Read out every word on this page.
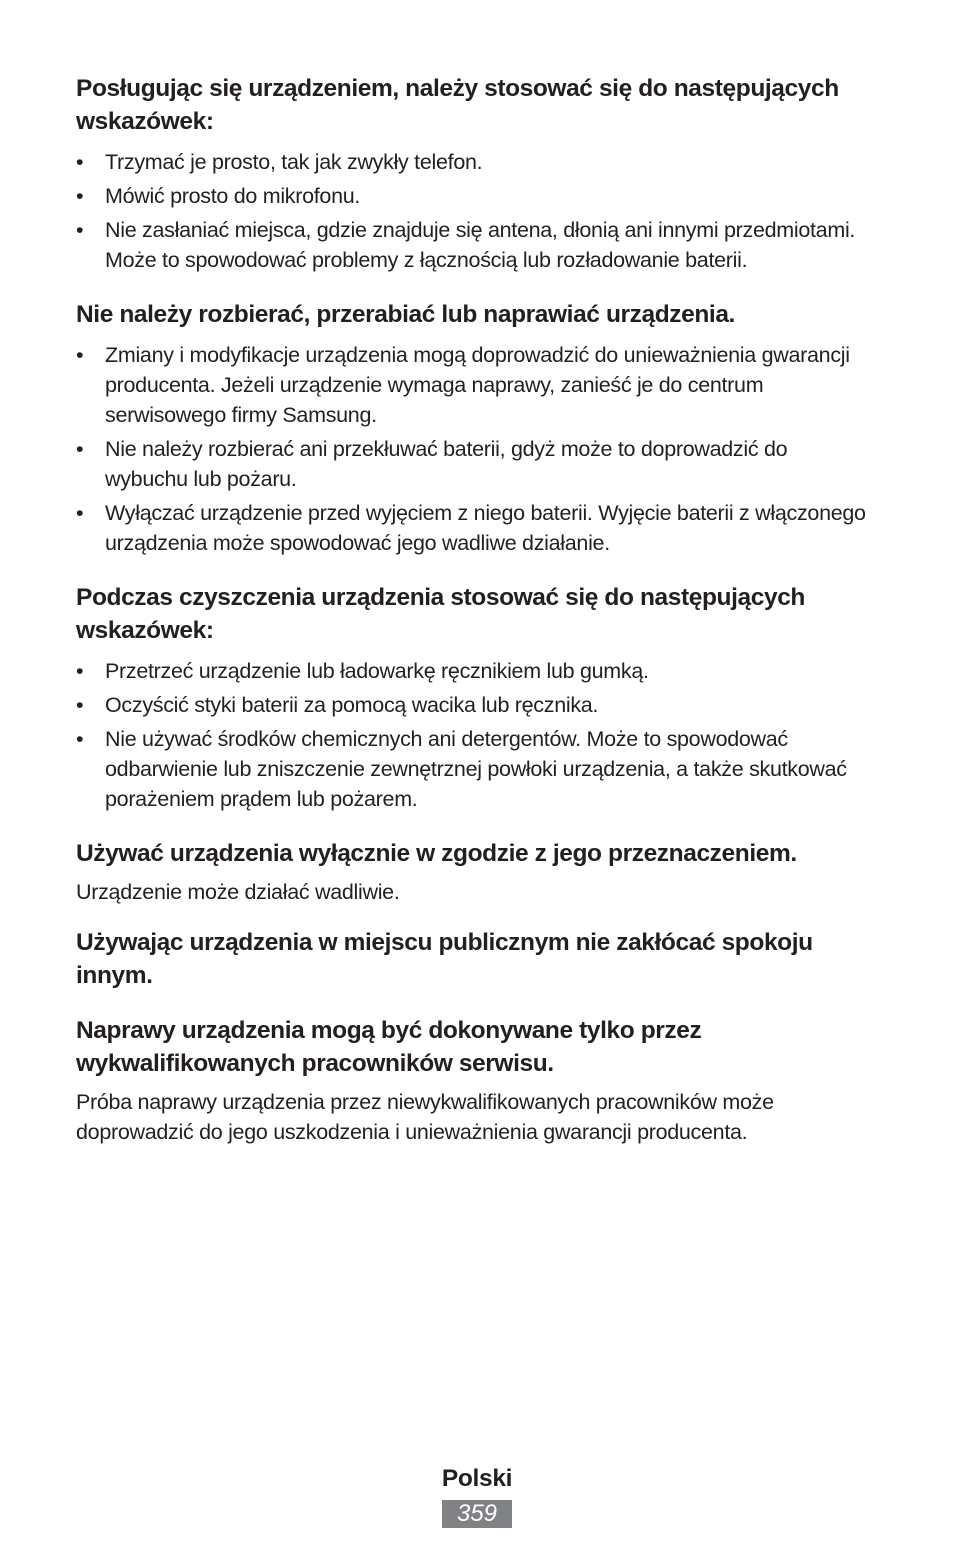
Posługując się urządzeniem, należy stosować się do następujących wskazówek:
•	Trzymać je prosto, tak jak zwykły telefon.
•	Mówić prosto do mikrofonu.
•	Nie zasłaniać miejsca, gdzie znajduje się antena, dłonią ani innymi przedmiotami. Może to spowodować problemy z łącznością lub rozładowanie baterii.
Nie należy rozbierać, przerabiać lub naprawiać urządzenia.
•	Zmiany i modyfikacje urządzenia mogą doprowadzić do unieważnienia gwarancji producenta. Jeżeli urządzenie wymaga naprawy, zanieść je do centrum serwisowego firmy Samsung.
•	Nie należy rozbierać ani przekłuwać baterii, gdyż może to doprowadzić do wybuchu lub pożaru.
•	Wyłączać urządzenie przed wyjęciem z niego baterii. Wyjęcie baterii z włączonego urządzenia może spowodować jego wadliwe działanie.
Podczas czyszczenia urządzenia stosować się do następujących wskazówek:
•	Przetrzeć urządzenie lub ładowarkę ręcznikiem lub gumką.
•	Oczyścić styki baterii za pomocą wacika lub ręcznika.
•	Nie używać środków chemicznych ani detergentów. Może to spowodować odbarwienie lub zniszczenie zewnętrznej powłoki urządzenia, a także skutkować porażeniem prądem lub pożarem.
Używać urządzenia wyłącznie w zgodzie z jego przeznaczeniem.

Urządzenie może działać wadliwie.

Używając urządzenia w miejscu publicznym nie zakłócać spokoju innym.
Naprawy urządzenia mogą być dokonywane tylko przez wykwalifikowanych pracowników serwisu.

Próba naprawy urządzenia przez niewykwalifikowanych pracowników może doprowadzić do jego uszkodzenia i unieważnienia gwarancji producenta.

Polski
359
